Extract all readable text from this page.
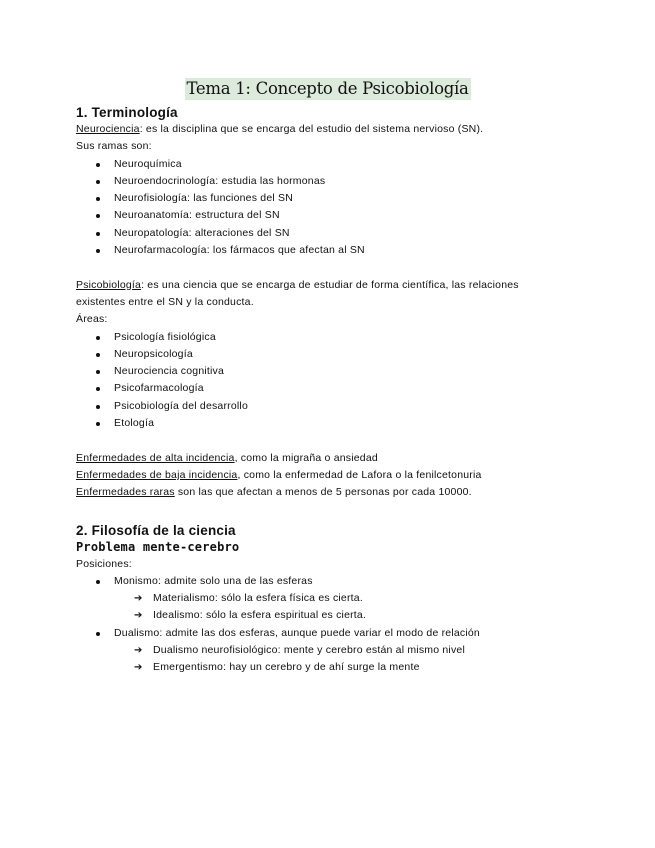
Tema 1: Concepto de Psicobiología
1. Terminología

Neurociencia: es la disciplina que se encarga del estudio del sistema nervioso (SN).

Sus ramas son:

Neuroquímica
Neuroendocrinología: estudia las hormonas
Neurofisiología: las funciones del SN
Neuroanatomía: estructura del SN
Neuropatología: alteraciones del SN
Neurofarmacología: los fármacos que afectan al SN

Psicobiología: es una ciencia que se encarga de estudiar de forma científica, las relaciones

existentes entre el SN y la conducta.

Áreas:

Psicología fisiológica
Neuropsicología
Neurociencia cognitiva
Psicofarmacología
Psicobiología del desarrollo
Etología

Enfermedades de alta incidencia, como la migraña o ansiedad

Enfermedades de baja incidencia, como la enfermedad de Lafora o la fenilcetonuria

Enfermedades raras son las que afectan a menos de 5 personas por cada 10000.

2. Filosofía de la ciencia
Problema mente-cerebro

Posiciones:

Monismo: admite solo una de las esferas
➔ Materialismo: sólo la esfera física es cierta.
➔ Idealismo: sólo la esfera espiritual es cierta.
Dualismo: admite las dos esferas, aunque puede variar el modo de relación
➔ Dualismo neurofisiológico: mente y cerebro están al mismo nivel
➔ Emergentismo: hay un cerebro y de ahí surge la mente
